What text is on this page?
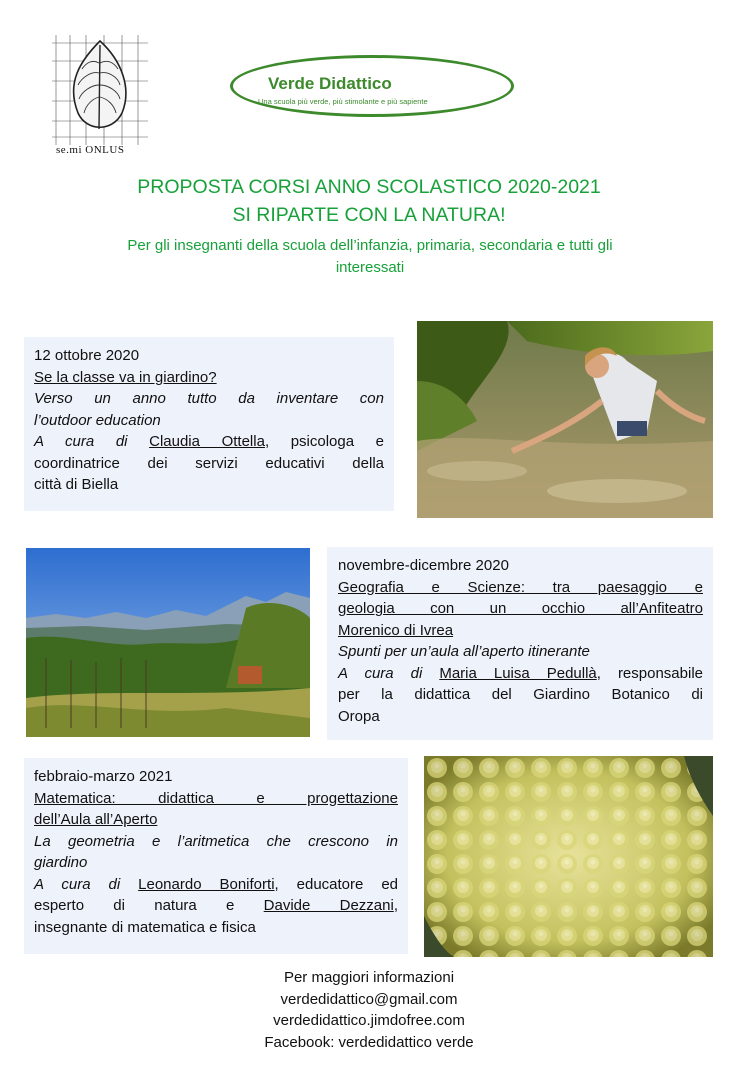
se.mi ONLUS
Verde Didattico
Una scuola più verde, più stimolante e più sapiente
PROPOSTA CORSI ANNO SCOLASTICO 2020-2021
SI RIPARTE CON LA NATURA!
Per gli insegnanti della scuola dell’infanzia, primaria, secondaria e tutti gli
interessati
12 ottobre 2020
Se la classe va in giardino?
Verso un anno tutto da inventare con
l’outdoor education
A cura di Claudia Ottella, psicologa e
coordinatrice dei servizi educativi della
città di Biella
novembre-dicembre 2020
Geografia e Scienze: tra paesaggio e
geologia con un occhio all’Anfiteatro
Morenico di Ivrea
Spunti per un’aula all’aperto itinerante
A cura di Maria Luisa Pedullà, responsabile
per la didattica del Giardino Botanico di
Oropa
febbraio-marzo 2021
Matematica: didattica e progettazione
dell’Aula all’Aperto
La geometria e l’aritmetica che crescono in
giardino
A cura di Leonardo Boniforti, educatore ed
esperto di natura e Davide Dezzani,
insegnante di matematica e fisica
Per maggiori informazioni
verdedidattico@gmail.com
verdedidattico.jimdofree.com
Facebook: verdedidattico verde
